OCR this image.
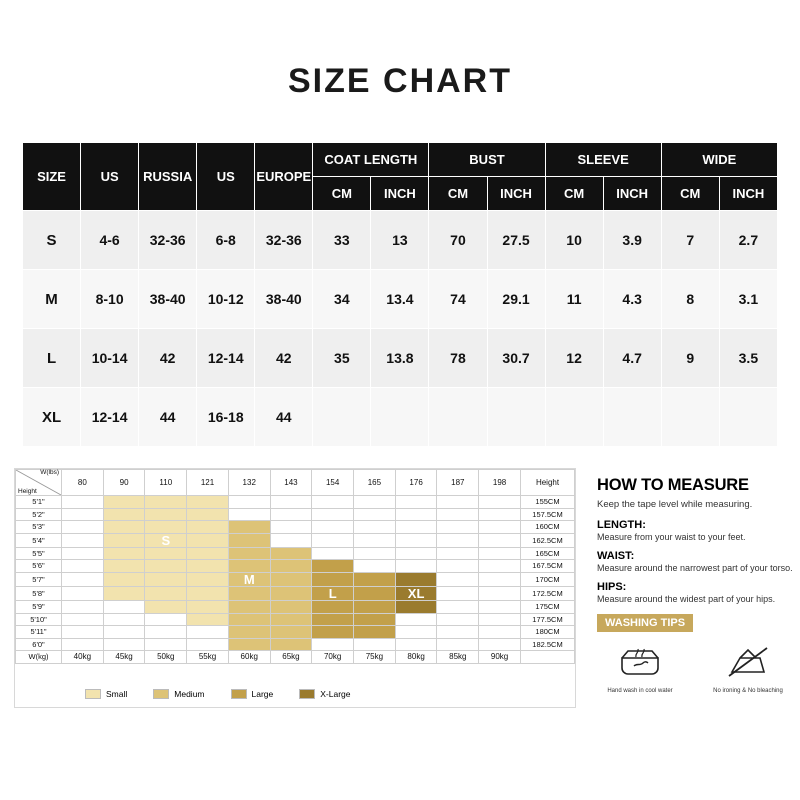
SIZE CHART
SIZE	US	RUSSIA	US	EUROPE	COAT LENGTH		BUST		SLEEVE		WIDE	
					CM	INCH	CM	INCH	CM	INCH	CM	INCH
S	4-6	32-36	6-8	32-36	33	13	70	27.5	10	3.9	7	2.7
M	8-10	38-40	10-12	38-40	34	13.4	74	29.1	11	4.3	8	3.1
L	10-14	42	12-14	42	35	13.8	78	30.7	12	4.7	9	3.5
XL	12-14	44	16-18	44								
W(lbs)
Height	80	90	110	121	132	143	154	165	176	187	198	Height
5'1"												155CM
5'2"												157.5CM
5'3"												160CM
5'4"			S									162.5CM
5'5"												165CM
5'6"												167.5CM
5'7"					M							170CM
5'8"							L		XL			172.5CM
5'9"												175CM
5'10"												177.5CM
5'11"												180CM
6'0"												182.5CM
W(kg)	40kg	45kg	50kg	55kg	60kg	65kg	70kg	75kg	80kg	85kg	90kg	
Small	Medium	Large	X-Large
HOW TO MEASURE
Keep the tape level while measuring.
LENGTH:
Measure from your waist to your feet.
WAIST:
Measure around the narrowest part of your torso.
HIPS:
Measure around the widest part of your hips.
WASHING TIPS
Hand wash in cool water	No ironing & No bleaching
